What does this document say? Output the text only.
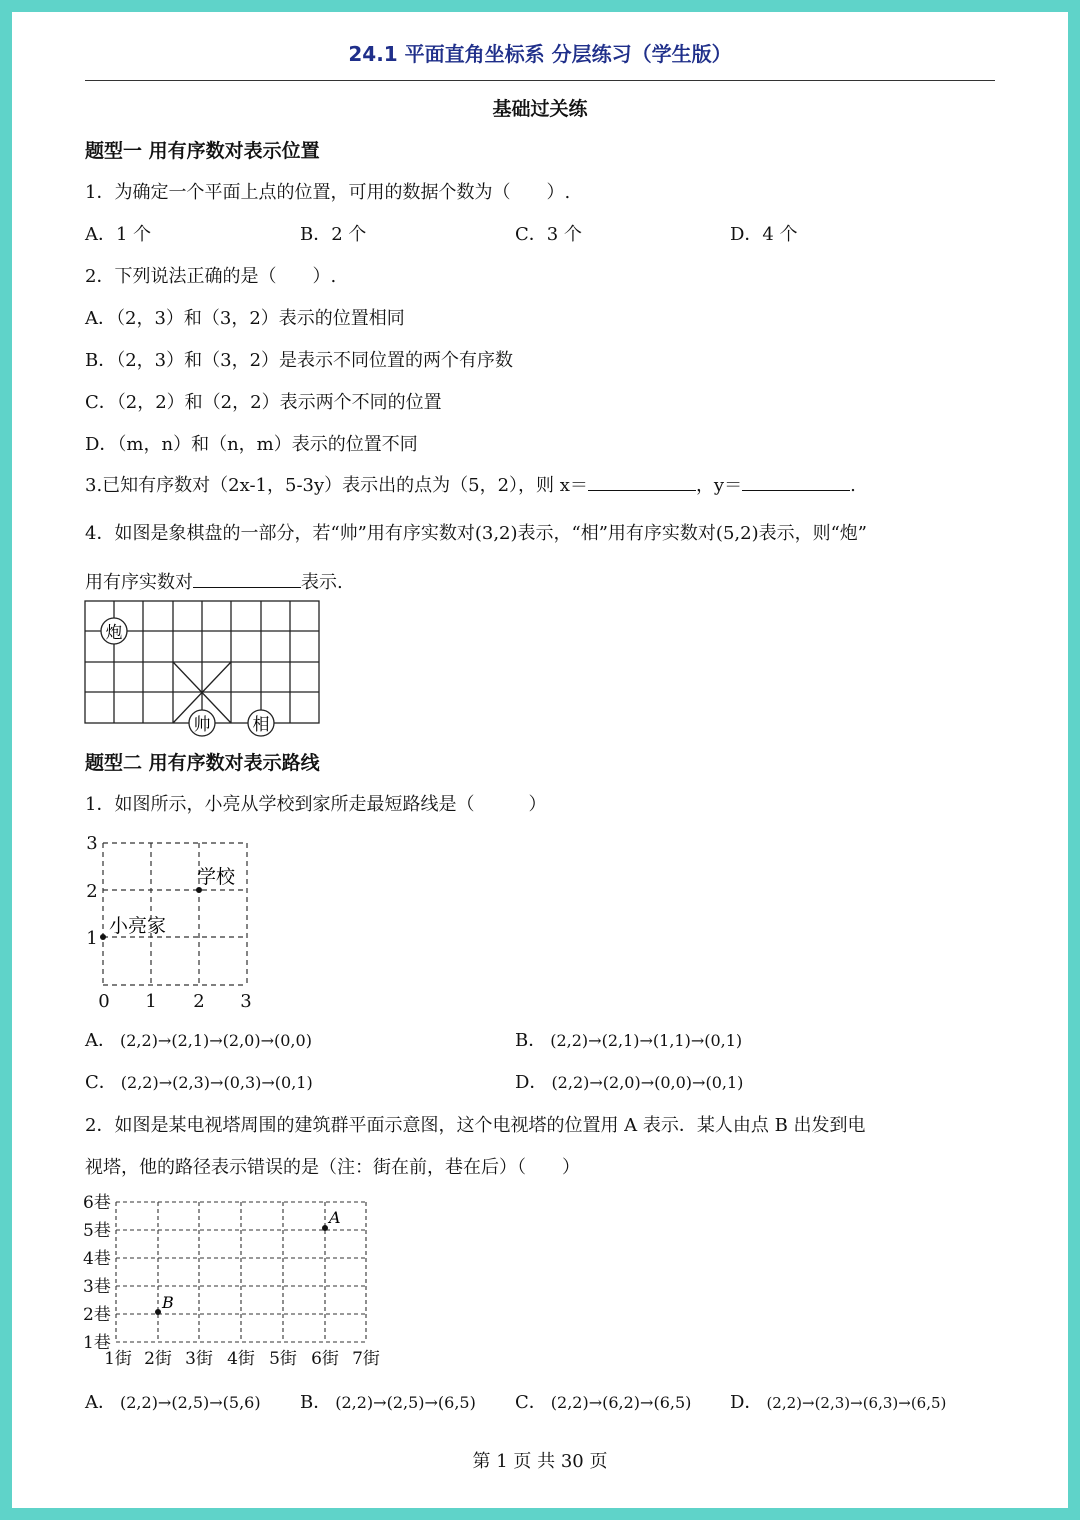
24.1 平面直角坐标系 分层练习（学生版）
基础过关练
题型一 用有序数对表示位置
1．为确定一个平面上点的位置，可用的数据个数为（　　）.
A．1 个	B．2 个	C．3 个	D．4 个
2．下列说法正确的是（　　）.
A．（2，3）和（3，2）表示的位置相同
B．（2，3）和（3，2）是表示不同位置的两个有序数
C．（2，2）和（2，2）表示两个不同的位置
D．（m，n）和（n，m）表示的位置不同
3.已知有序数对（2x-1，5-3y）表示出的点为（5，2），则 x＝	，y＝	.
4．如图是象棋盘的一部分，若“帅”用有序实数对(3,2)表示，“相”用有序实数对(5,2)表示，则“炮”
用有序实数对	表示.
炮
帅 相
题型二 用有序数对表示路线
1．如图所示，小亮从学校到家所走最短路线是（　　　）
0 1 2 3
1
2
3
学校
小亮家
A． (2,2)→(2,1)→(2,0)→(0,0)	B． (2,2)→(2,1)→(1,1)→(0,1)
C． (2,2)→(2,3)→(0,3)→(0,1)	D． (2,2)→(2,0)→(0,0)→(0,1)
2．如图是某电视塔周围的建筑群平面示意图，这个电视塔的位置用 A 表示．某人由点 B 出发到电
视塔，他的路径表示错误的是（注：街在前，巷在后）（　　）
1巷
2巷
3巷
4巷
5巷
6巷
1街 2街 3街 4街 5街 6街 7街
A
B
A． (2,2)→(2,5)→(5,6) B． (2,2)→(2,5)→(6,5) C． (2,2)→(6,2)→(6,5) D． (2,2)→(2,3)→(6,3)→(6,5)
第 1 页 共 30 页
